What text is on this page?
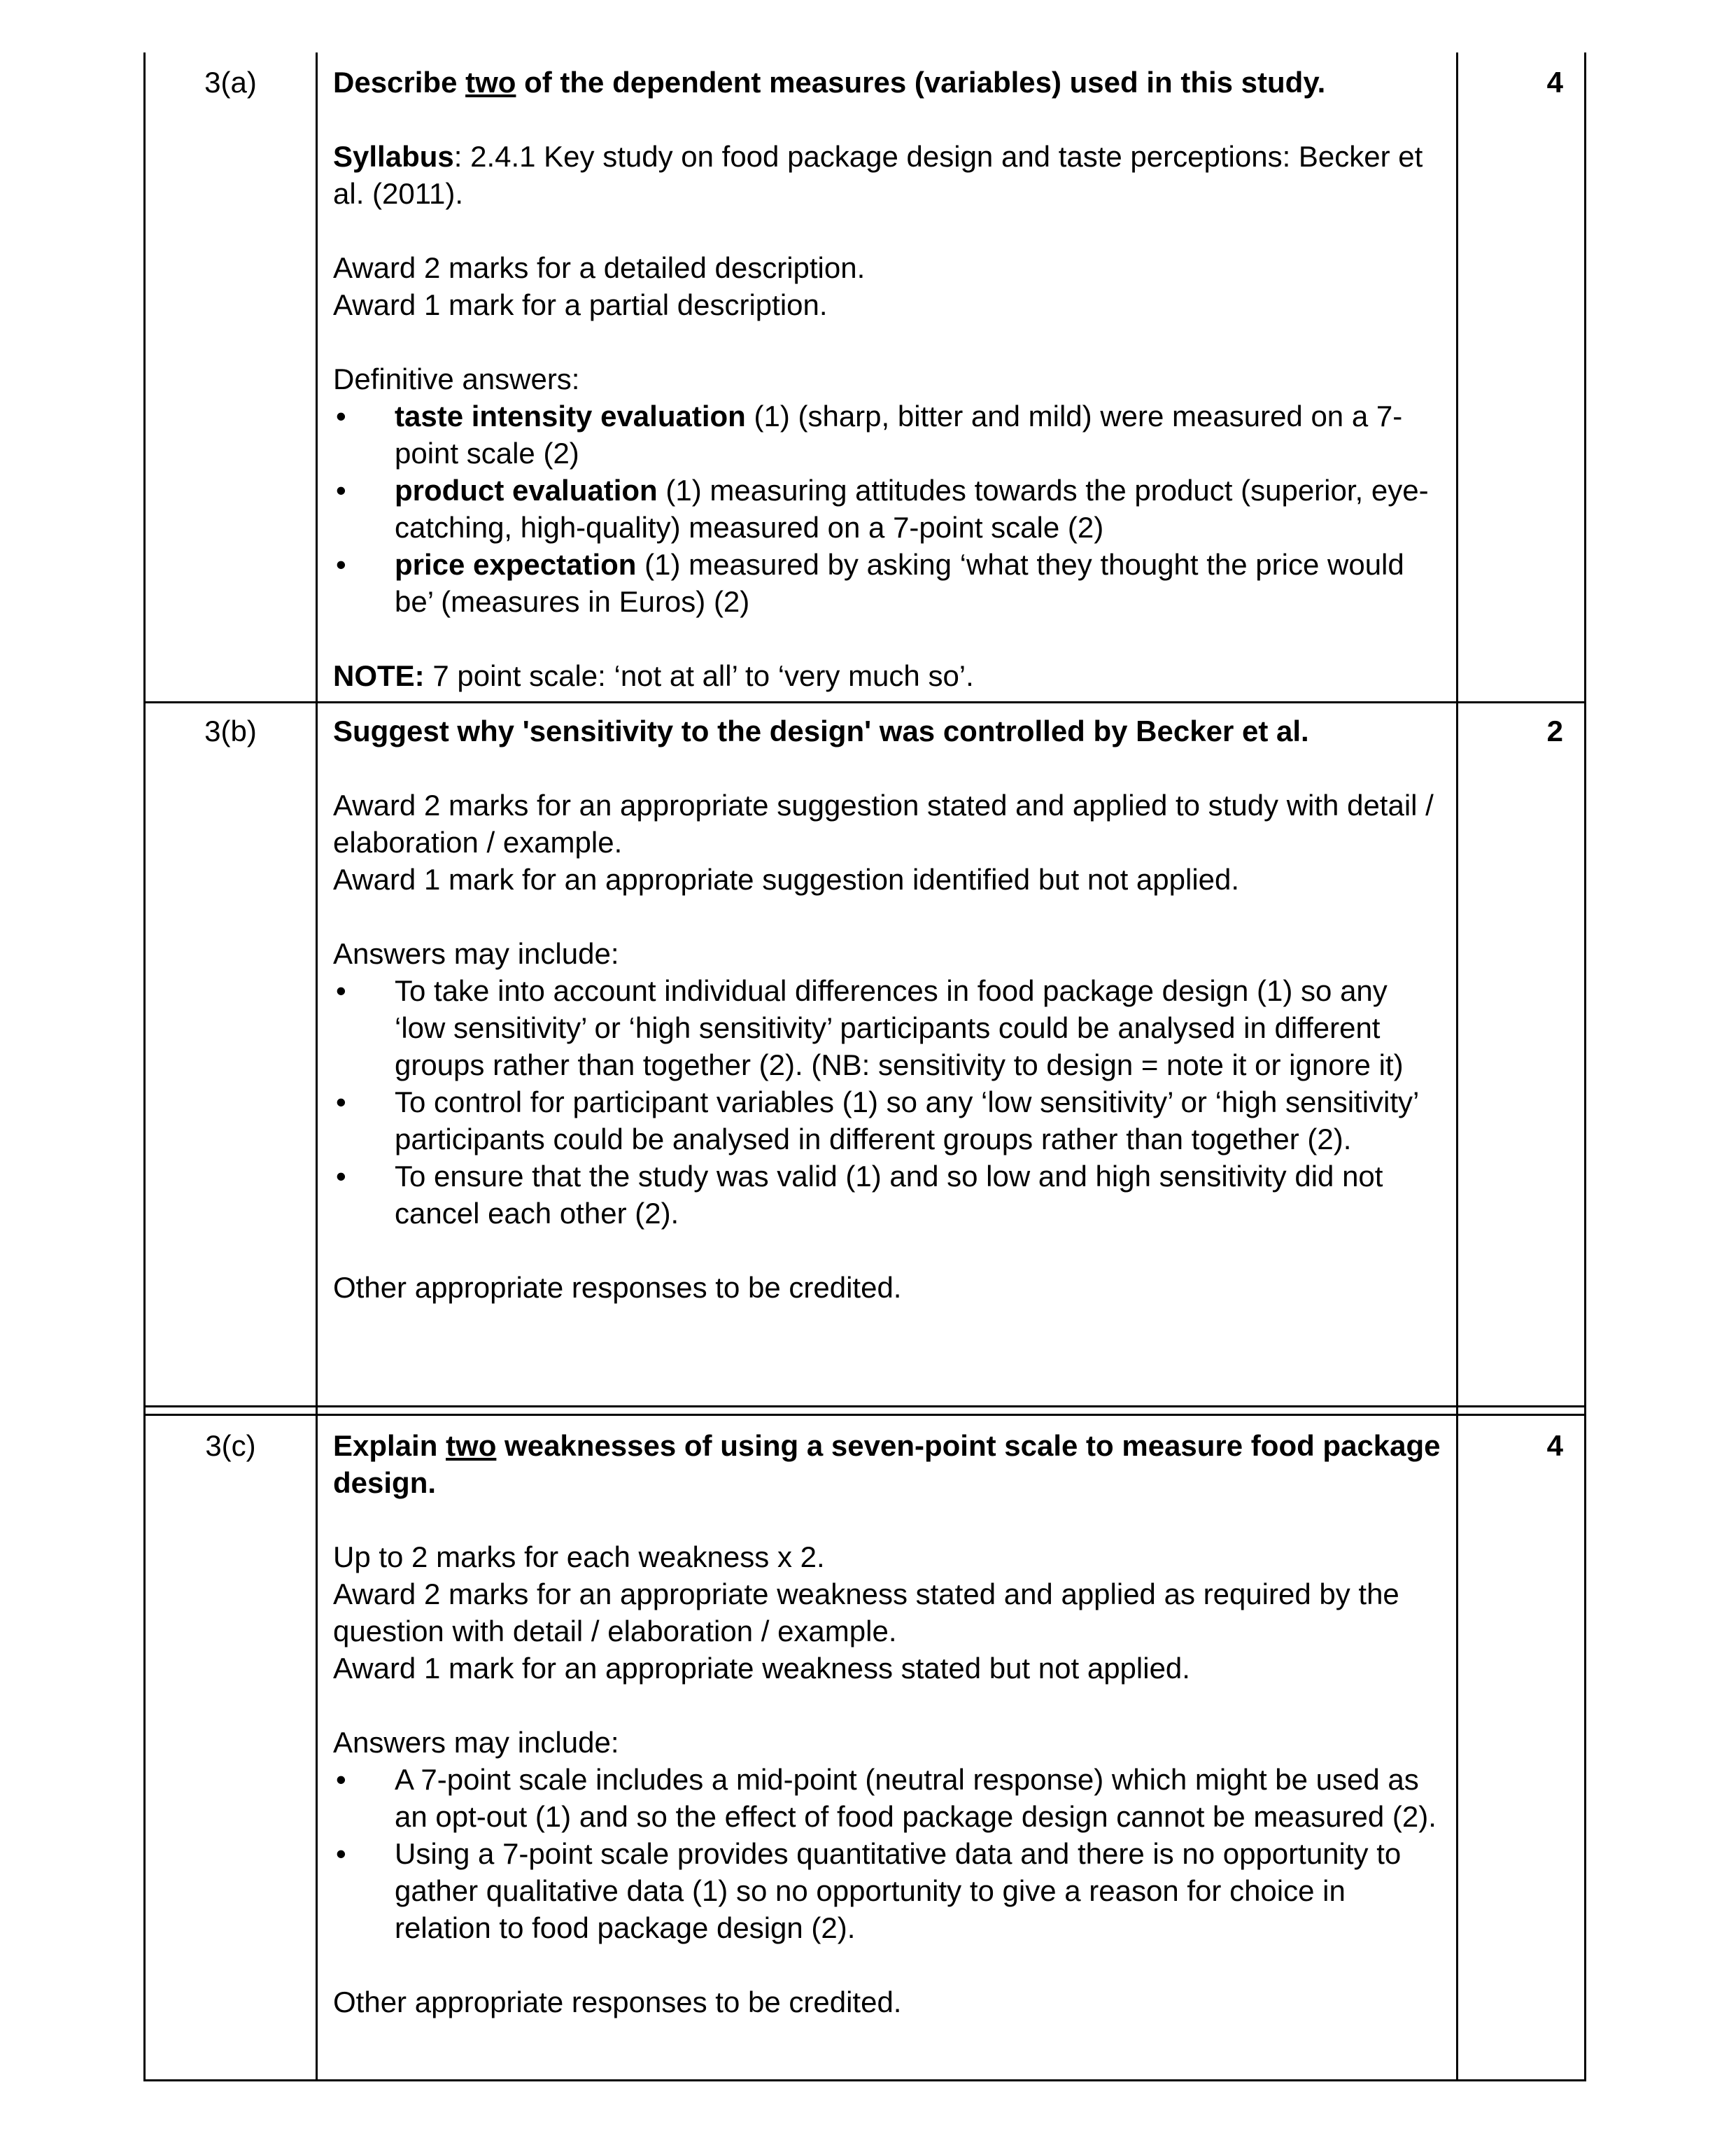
3(a)	Describe two of the dependent measures (variables) used in this study.

Syllabus: 2.4.1 Key study on food package design and taste perceptions: Becker et al. (2011).

Award 2 marks for a detailed description.

Award 1 mark for a partial description.

Definitive answers:

• taste intensity evaluation (1) (sharp, bitter and mild) were measured on a 7-point scale (2)
• product evaluation (1) measuring attitudes towards the product (superior, eye-catching, high-quality) measured on a 7-point scale (2)
• price expectation (1) measured by asking ‘what they thought the price would be’ (measures in Euros) (2)

NOTE: 7 point scale: ‘not at all’ to ‘very much so’.

4
3(b)	Suggest why 'sensitivity to the design' was controlled by Becker et al.

Award 2 marks for an appropriate suggestion stated and applied to study with detail / elaboration / example.

Award 1 mark for an appropriate suggestion identified but not applied.

Answers may include:

• To take into account individual differences in food package design (1) so any ‘low sensitivity’ or ‘high sensitivity’ participants could be analysed in different groups rather than together (2). (NB: sensitivity to design = note it or ignore it)
• To control for participant variables (1) so any ‘low sensitivity’ or ‘high sensitivity’ participants could be analysed in different groups rather than together (2).
• To ensure that the study was valid (1) and so low and high sensitivity did not cancel each other (2).

Other appropriate responses to be credited.

2
3(c)	Explain two weaknesses of using a seven-point scale to measure food package design.

Up to 2 marks for each weakness x 2.

Award 2 marks for an appropriate weakness stated and applied as required by the question with detail / elaboration / example.

Award 1 mark for an appropriate weakness stated but not applied.

Answers may include:

• A 7-point scale includes a mid-point (neutral response) which might be used as an opt-out (1) and so the effect of food package design cannot be measured (2).
• Using a 7-point scale provides quantitative data and there is no opportunity to gather qualitative data (1) so no opportunity to give a reason for choice in relation to food package design (2).

Other appropriate responses to be credited.

4
